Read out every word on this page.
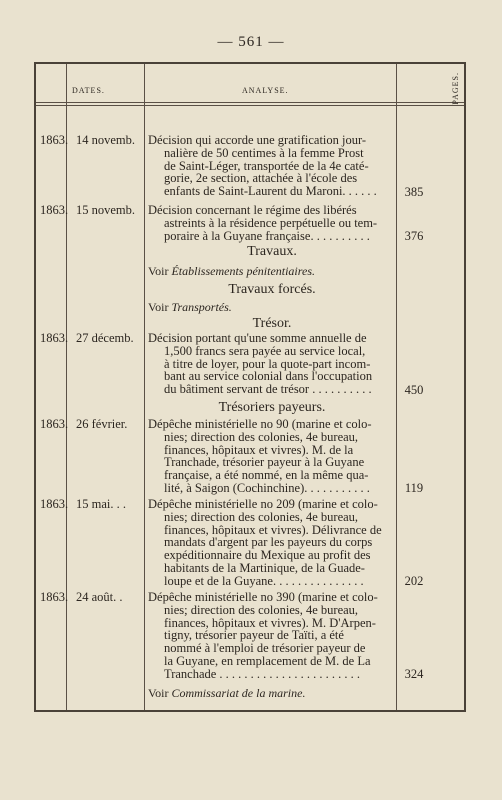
— 561 —
DATES.	ANALYSE.	PAGES.
1863. 14 novemb.	Décision qui accorde une gratification jour-
nalière de 50 centimes à la femme Prost
de Saint-Léger, transportée de la 4e caté-
gorie, 2e section, attachée à l'école des
enfants de Saint-Laurent du Maroni. . . . . .	385
1863. 15 novemb.	Décision concernant le régime des libérés
astreints à la résidence perpétuelle ou tem-
poraire à la Guyane française. . . . . . . . . .	376
Travaux.
Voir Établissements pénitentiaires.
Travaux forcés.
Voir Transportés.
Trésor.
1863. 27 décemb.	Décision portant qu'une somme annuelle de
1,500 francs sera payée au service local,
à titre de loyer, pour la quote-part incom-
bant au service colonial dans l'occupation
du bâtiment servant de trésor . . . . . . . . . .	450
Trésoriers payeurs.
1863. 26 février.	Dépêche ministérielle no 90 (marine et colo-
nies; direction des colonies, 4e bureau,
finances, hôpitaux et vivres). M. de la
Tranchade, trésorier payeur à la Guyane
française, a été nommé, en la même qua-
lité, à Saigon (Cochinchine). . . . . . . . . . .	119
1863. 15 mai. . .	Dépêche ministérielle no 209 (marine et colo-
nies; direction des colonies, 4e bureau,
finances, hôpitaux et vivres). Délivrance de
mandats d'argent par les payeurs du corps
expéditionnaire du Mexique au profit des
habitants de la Martinique, de la Guade-
loupe et de la Guyane. . . . . . . . . . . . . . .	202
1863. 24 août. .	Dépêche ministérielle no 390 (marine et colo-
nies; direction des colonies, 4e bureau,
finances, hôpitaux et vivres). M. D'Arpen-
tigny, trésorier payeur de Taïti, a été
nommé à l'emploi de trésorier payeur de
la Guyane, en remplacement de M. de La
Tranchade . . . . . . . . . . . . . . . . . . . . . . .	324
Voir Commissariat de la marine.
